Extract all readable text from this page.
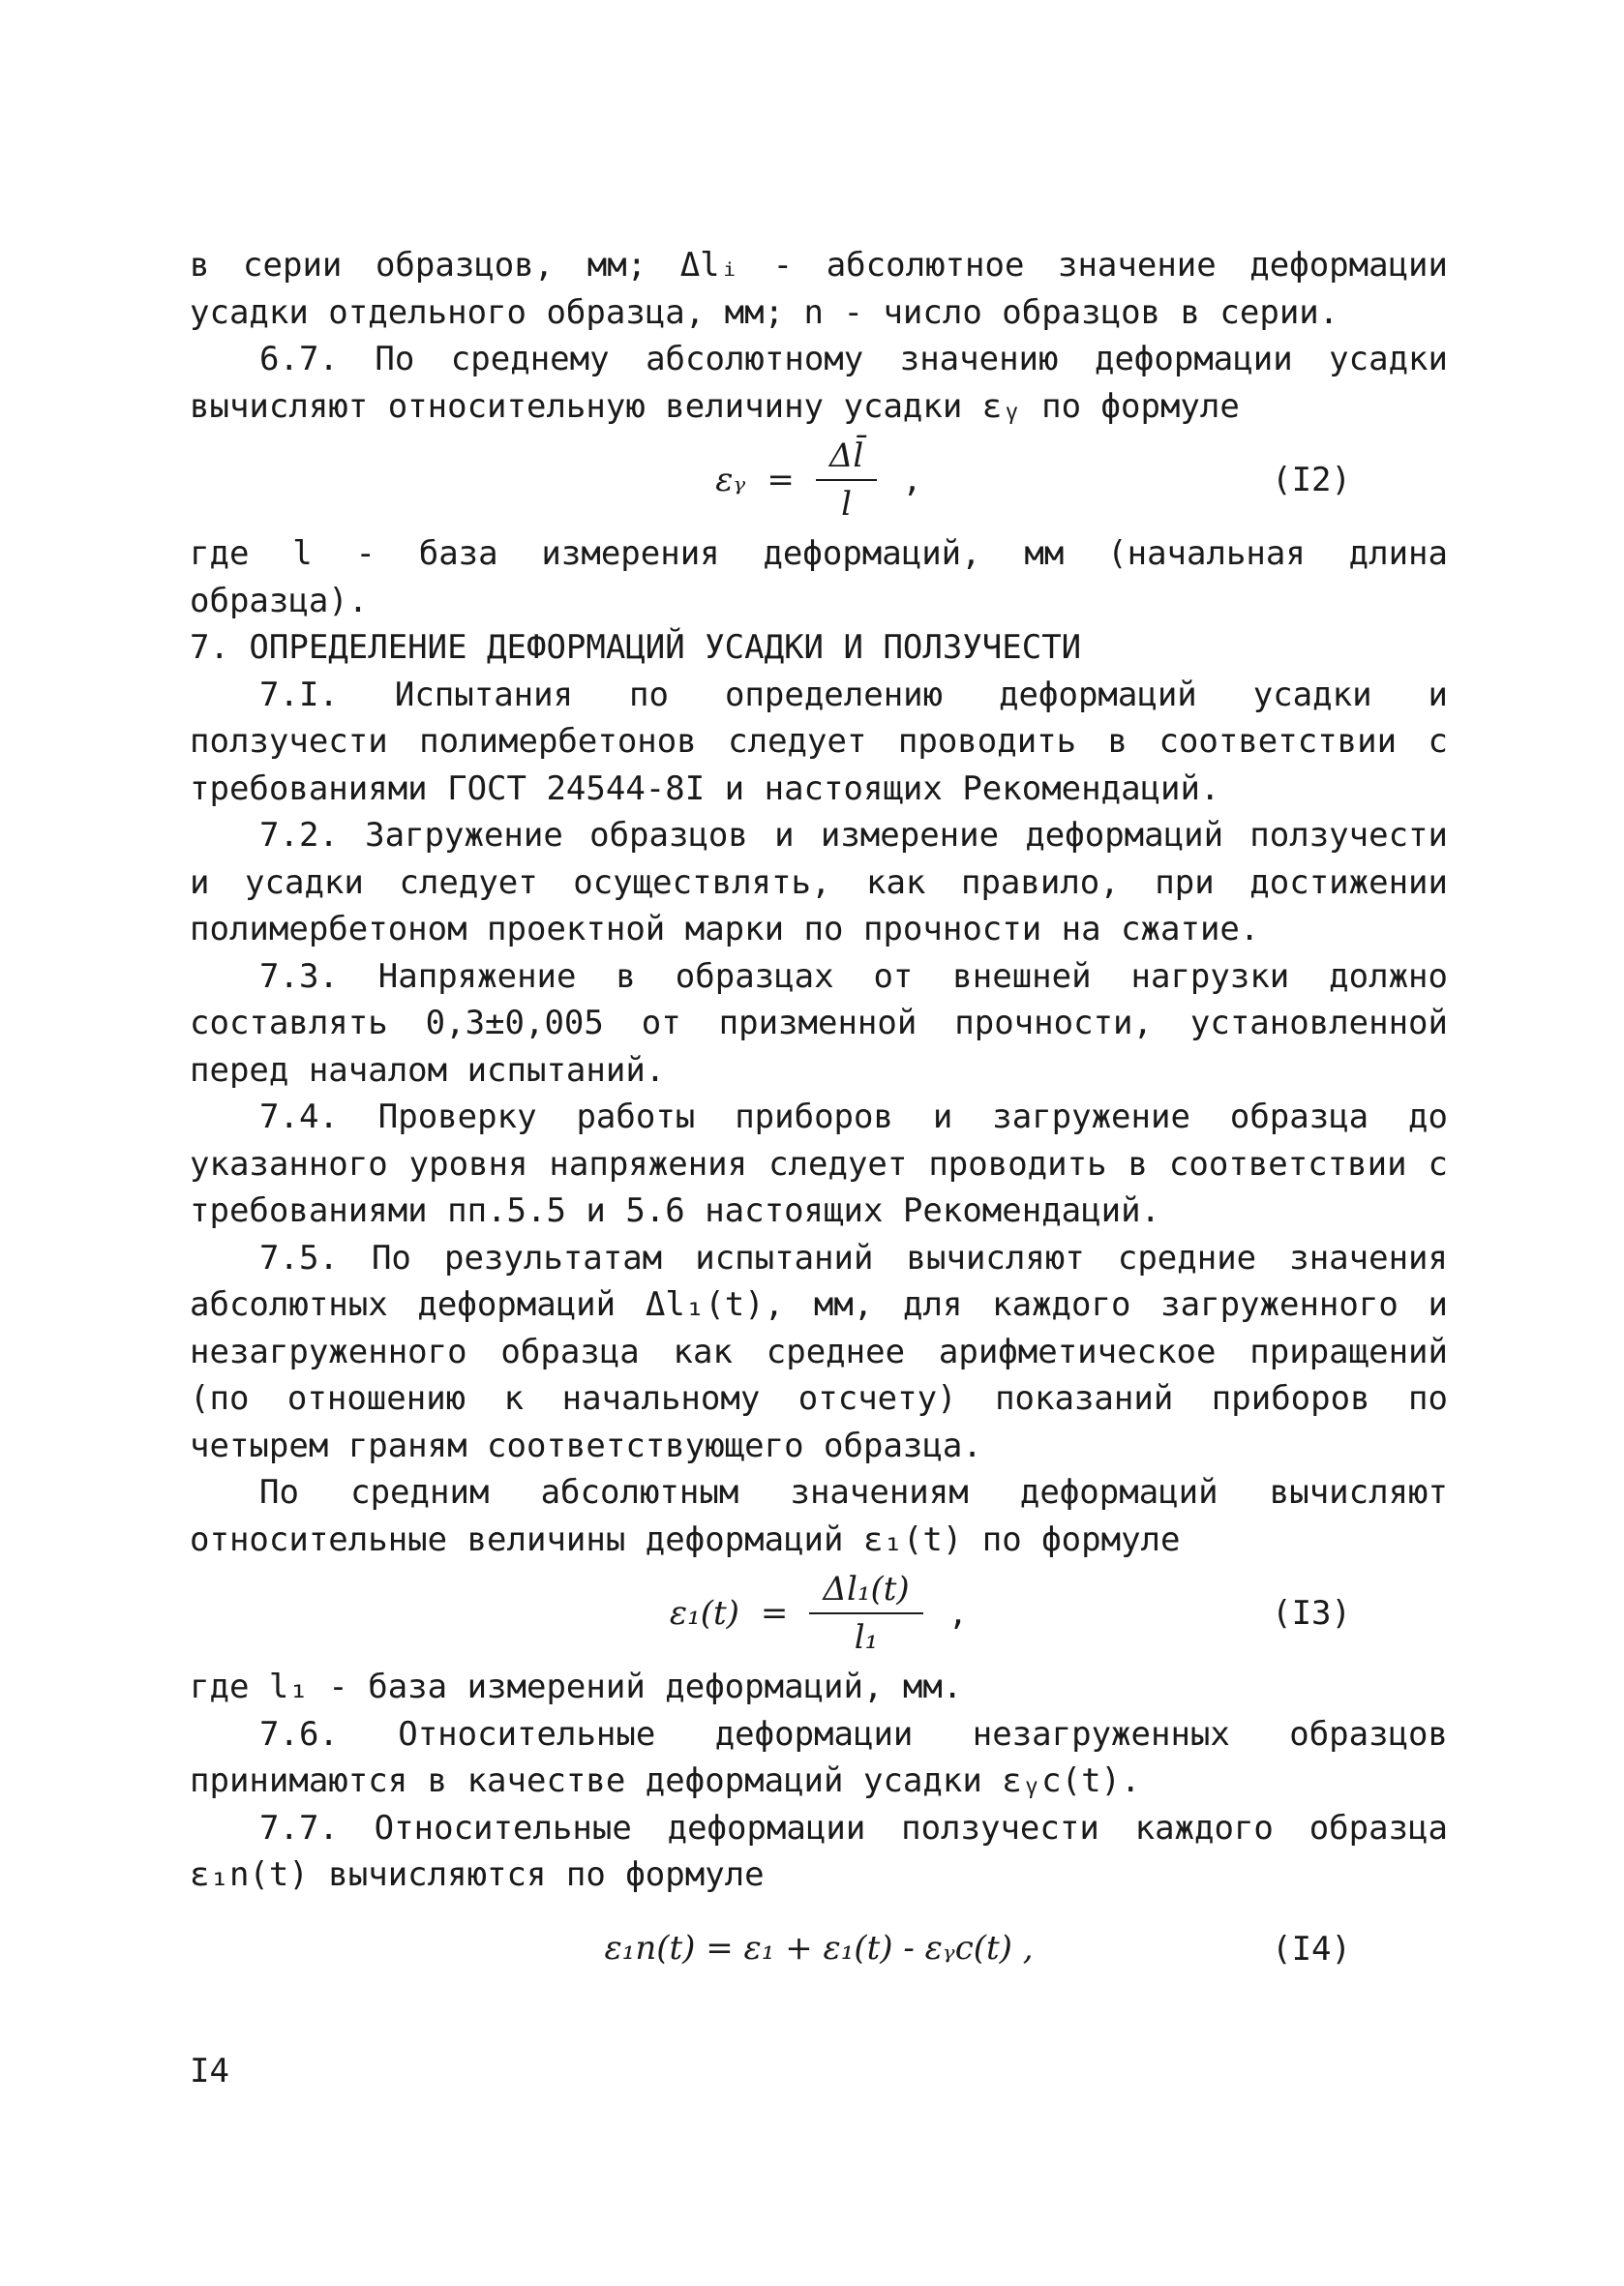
в серии образцов, мм; Δlᵢ - абсолютное значение деформации усадки отдельного образца, мм; n - число образцов в серии.

6.7. По среднему абсолютному значению деформации усадки вычисляют относительную величину усадки εᵧ по формуле

εᵧ = $\frac{\Delta l̄}{l}$ ,	(I2)

где l - база измерения деформаций, мм (начальная длина образца).

7. ОПРЕДЕЛЕНИЕ ДЕФОРМАЦИЙ УСАДКИ И ПОЛЗУЧЕСТИ

7.I. Испытания по определению деформаций усадки и ползучести полимербетонов следует проводить в соответствии с требованиями ГОСТ 24544-8I и настоящих Рекомендаций.

7.2. Загружение образцов и измерение деформаций ползучести и усадки следует осуществлять, как правило, при достижении полимербетоном проектной марки по прочности на сжатие.

7.3. Напряжение в образцах от внешней нагрузки должно составлять 0,3±0,005 от призменной прочности, установленной перед началом испытаний.

7.4. Проверку работы приборов и загружение образца до указанного уровня напряжения следует проводить в соответствии с требованиями пп.5.5 и 5.6 настоящих Рекомендаций.

7.5. По результатам испытаний вычисляют средние значения абсолютных деформаций Δl₁(t), мм, для каждого загруженного и незагруженного образца как среднее арифметическое приращений (по отношению к начальному отсчету) показаний приборов по четырем граням соответствующего образца.

По средним абсолютным значениям деформаций вычисляют относительные величины деформаций ε₁(t) по формуле

$\varepsilon_1(t) = \frac{\text{Δl₁(t)}}{\text{l₁}}$ ,	(I3)

где l₁ - база измерений деформаций, мм.

7.6. Относительные деформации незагруженных образцов принимаются в качестве деформаций усадки εᵧc(t).

7.7. Относительные деформации ползучести каждого образца ε₁n(t) вычисляются по формуле

ε₁n(t) = ε₁ + ε₁(t) - εᵧc(t) ,	(I4)
I4
